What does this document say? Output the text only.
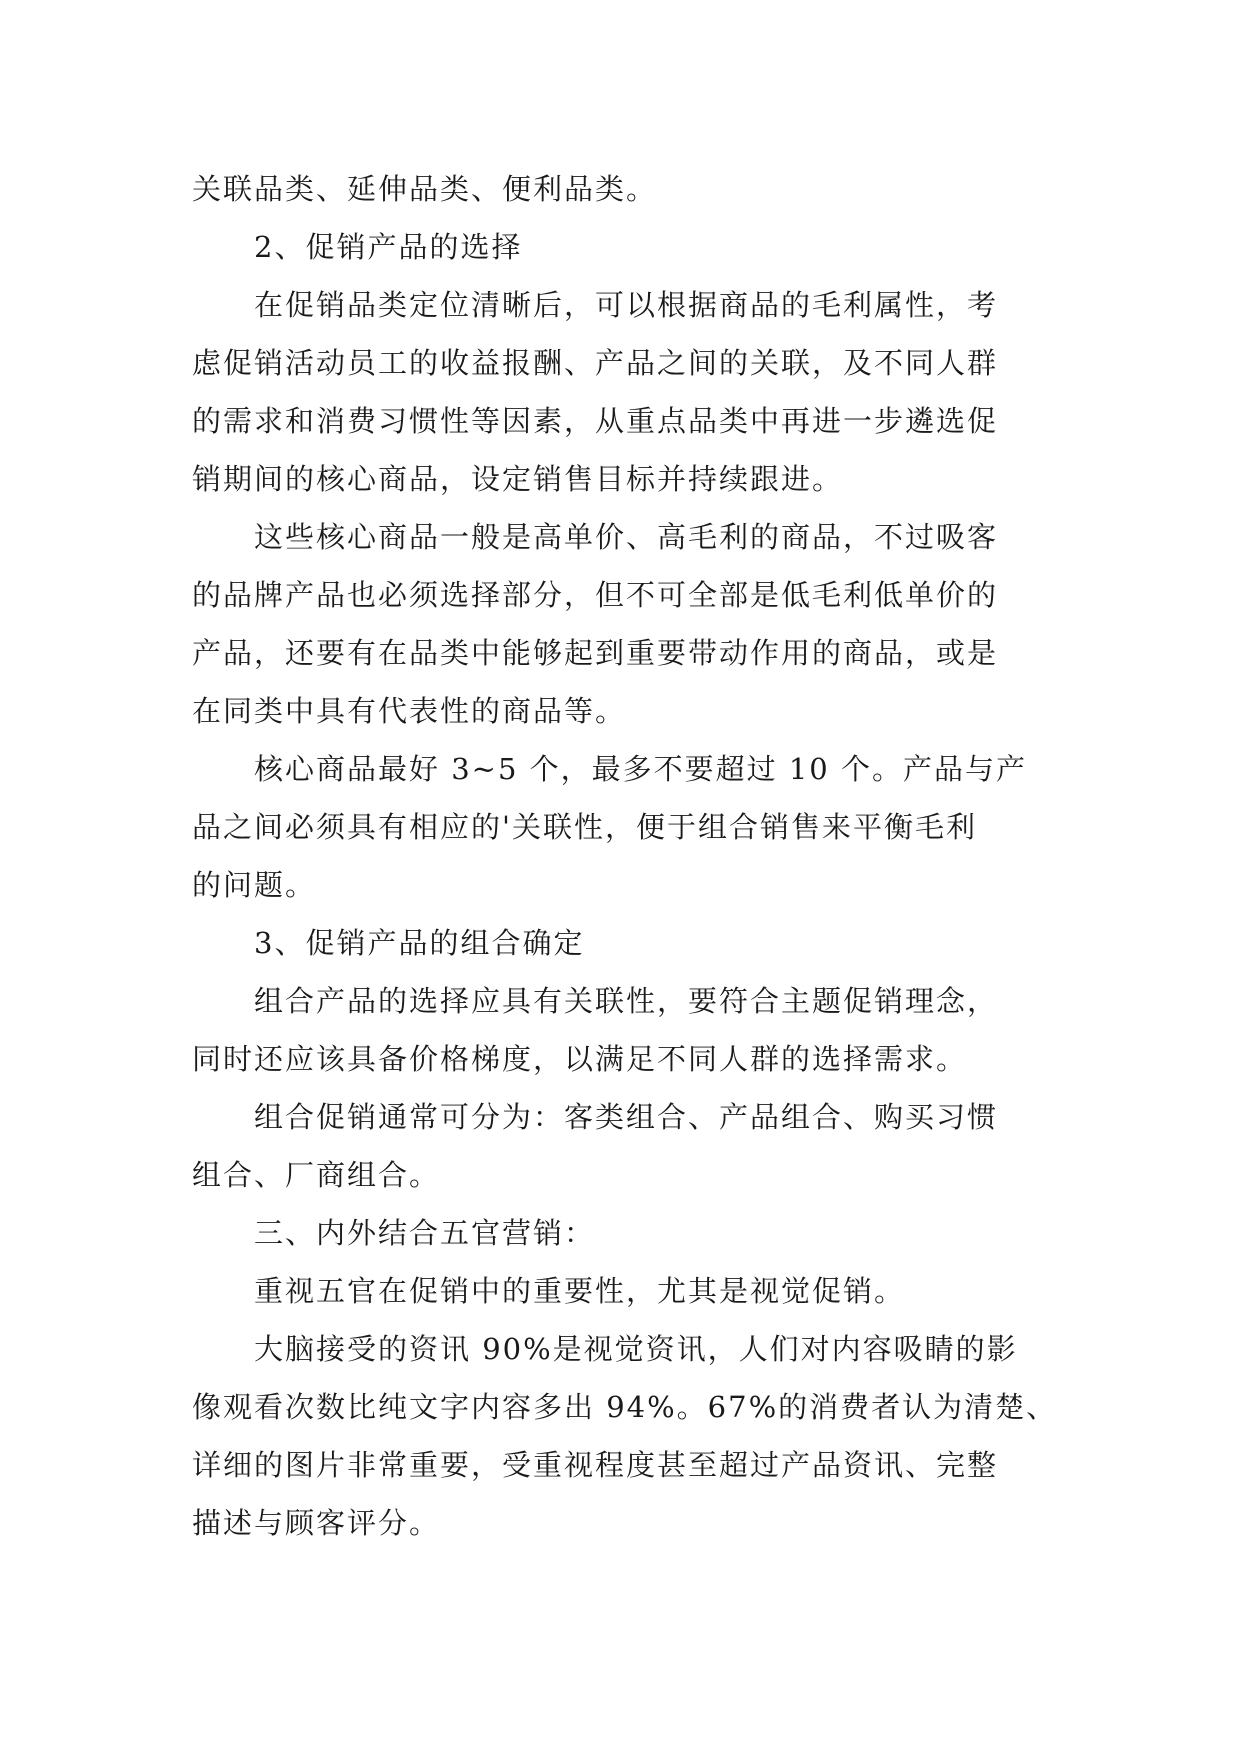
关联品类、延伸品类、便利品类。

2、促销产品的选择

在促销品类定位清晰后，可以根据商品的毛利属性，考

虑促销活动员工的收益报酬、产品之间的关联，及不同人群

的需求和消费习惯性等因素，从重点品类中再进一步遴选促

销期间的核心商品，设定销售目标并持续跟进。

这些核心商品一般是高单价、高毛利的商品，不过吸客

的品牌产品也必须选择部分，但不可全部是低毛利低单价的

产品，还要有在品类中能够起到重要带动作用的商品，或是

在同类中具有代表性的商品等。

核心商品最好 3~5 个，最多不要超过 10 个。产品与产

品之间必须具有相应的'关联性，便于组合销售来平衡毛利

的问题。

3、促销产品的组合确定

组合产品的选择应具有关联性，要符合主题促销理念，

同时还应该具备价格梯度，以满足不同人群的选择需求。

组合促销通常可分为：客类组合、产品组合、购买习惯

组合、厂商组合。

三、内外结合五官营销：

重视五官在促销中的重要性，尤其是视觉促销。

大脑接受的资讯 90%是视觉资讯，人们对内容吸睛的影

像观看次数比纯文字内容多出 94%。67%的消费者认为清楚、

详细的图片非常重要，受重视程度甚至超过产品资讯、完整

描述与顾客评分。
